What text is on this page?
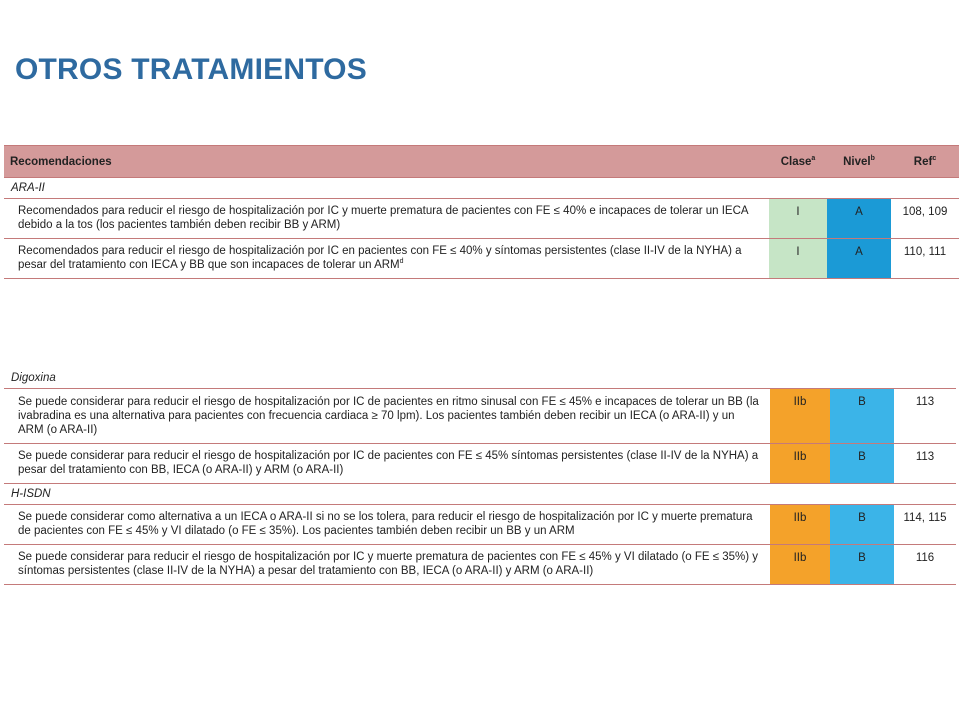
OTROS TRATAMIENTOS
Recomendaciones	Clase$^a$	Nivel$^b$	Ref$^c$
ARA-II			
Recomendados para reducir el riesgo de hospitalización por IC y muerte prematura de pacientes con FE ≤ 40% e incapaces de tolerar un IECA debido a la tos (los pacientes también deben recibir BB y ARM)	I	A	108, 109
Recomendados para reducir el riesgo de hospitalización por IC en pacientes con FE ≤ 40% y síntomas persistentes (clase II-IV de la NYHA) a pesar del tratamiento con IECA y BB que son incapaces de tolerar un ARM$^d$	I	A	110, 111
Digoxina			
Se puede considerar para reducir el riesgo de hospitalización por IC de pacientes en ritmo sinusal con FE ≤ 45% e incapaces de tolerar un BB (la ivabradina es una alternativa para pacientes con frecuencia cardiaca ≥ 70 lpm). Los pacientes también deben recibir un IECA (o ARA-II) y un ARM (o ARA-II)	IIb	B	113
Se puede considerar para reducir el riesgo de hospitalización por IC de pacientes con FE ≤ 45% síntomas persistentes (clase II-IV de la NYHA) a pesar del tratamiento con BB, IECA (o ARA-II) y ARM (o ARA-II)	IIb	B	113
H-ISDN			
Se puede considerar como alternativa a un IECA o ARA-II si no se los tolera, para reducir el riesgo de hospitalización por IC y muerte prematura de pacientes con FE ≤ 45% y VI dilatado (o FE ≤ 35%). Los pacientes también deben recibir un BB y un ARM	IIb	B	114, 115
Se puede considerar para reducir el riesgo de hospitalización por IC y muerte prematura de pacientes con FE ≤ 45% y VI dilatado (o FE ≤ 35%) y síntomas persistentes (clase II-IV de la NYHA) a pesar del tratamiento con BB, IECA (o ARA-II) y ARM (o ARA-II)	IIb	B	116
